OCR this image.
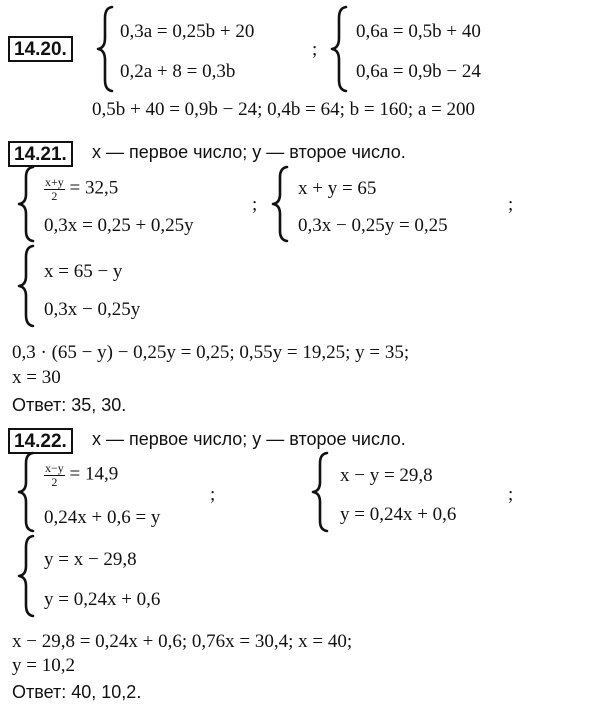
14.20.
0,3a = 0,25b + 20
0,2a + 8 = 0,3b
;
0,6a = 0,5b + 40
0,6a = 0,9b − 24
0,5b + 40 = 0,9b − 24; 0,4b = 64; b = 160; a = 200
14.21.	x — первое число; y — второе число.
$\frac{x+y}{2} = 32,5$
0,3x = 0,25 + 0,25y
;
x + y = 65
0,3x − 0,25y = 0,25
;
x = 65 − y
0,3x − 0,25y
0,3 · (65 − y) − 0,25y = 0,25; 0,55y = 19,25; y = 35;
x = 30
Ответ: 35, 30.
14.22.	x — первое число; y — второе число.
$\frac{x-y}{2} = 14,9$
0,24x + 0,6 = y
;
x − y = 29,8
y = 0,24x + 0,6
;
y = x − 29,8
y = 0,24x + 0,6
x − 29,8 = 0,24x + 0,6; 0,76x = 30,4; x = 40;
y = 10,2
Ответ: 40, 10,2.
